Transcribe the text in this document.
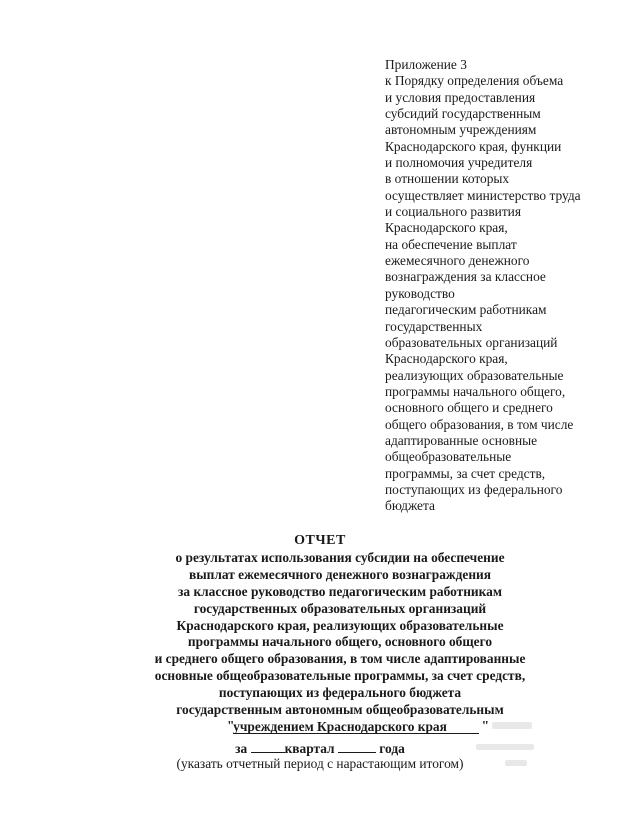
Приложение 3
к Порядку определения объема
и условия предоставления
субсидий государственным
автономным учреждениям
Краснодарского края, функции
и полномочия учредителя
в отношении которых
осуществляет министерство труда
и социального развития
Краснодарского края,
на обеспечение выплат
ежемесячного денежного
вознаграждения за классное
руководство
педагогическим работникам
государственных
образовательных организаций
Краснодарского края,
реализующих образовательные
программы начального общего,
основного общего и среднего
общего образования, в том числе
адаптированные основные
общеобразовательные
программы, за счет средств,
поступающих из федерального
бюджета
ОТЧЕТ
о результатах использования субсидии на обеспечение
выплат ежемесячного денежного вознаграждения
за классное руководство педагогическим работникам
государственных образовательных организаций
Краснодарского края, реализующих образовательные
программы начального общего, основного общего
и среднего общего образования, в том числе адаптированные
основные общеобразовательные программы, за счет средств,
поступающих из федерального бюджета
государственным автономным общеобразовательным
учреждением Краснодарского края
"	"
за	квартал	года
(указать отчетный период с нарастающим итогом)
